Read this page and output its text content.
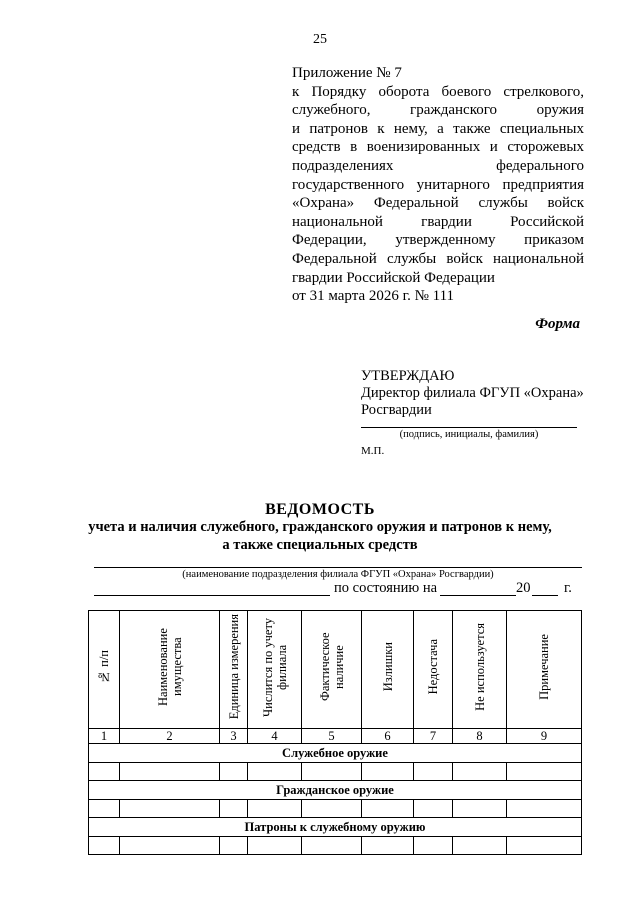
25
Приложение № 7
к Порядку оборота боевого стрелкового,
служебного, гражданского оружия
и патронов к нему, а также специальных
средств в военизированных и сторожевых
подразделениях федерального
государственного унитарного предприятия
«Охрана» Федеральной службы войск
национальной гвардии Российской
Федерации, утвержденному приказом
Федеральной службы войск национальной
гвардии Российской Федерации
от 31 марта 2026 г. № 111
Форма
УТВЕРЖДАЮ
Директор филиала ФГУП «Охрана»
Росгвардии
(подпись, инициалы, фамилия)
М.П.
ВЕДОМОСТЬ
учета и наличия служебного, гражданского оружия и патронов к нему,
а также специальных средств
(наименование подразделения филиала ФГУП «Охрана» Росгвардии)
по состоянию на	20 г.
№ п/п	Наименование имущества	Единица измерения	Числится по учету филиала	Фактическое наличие	Излишки	Недостача	Не используется	Примечание
1	2	3	4	5	6	7	8	9
Служебное оружие								

Гражданское оружие								

Патроны к служебному оружию								
